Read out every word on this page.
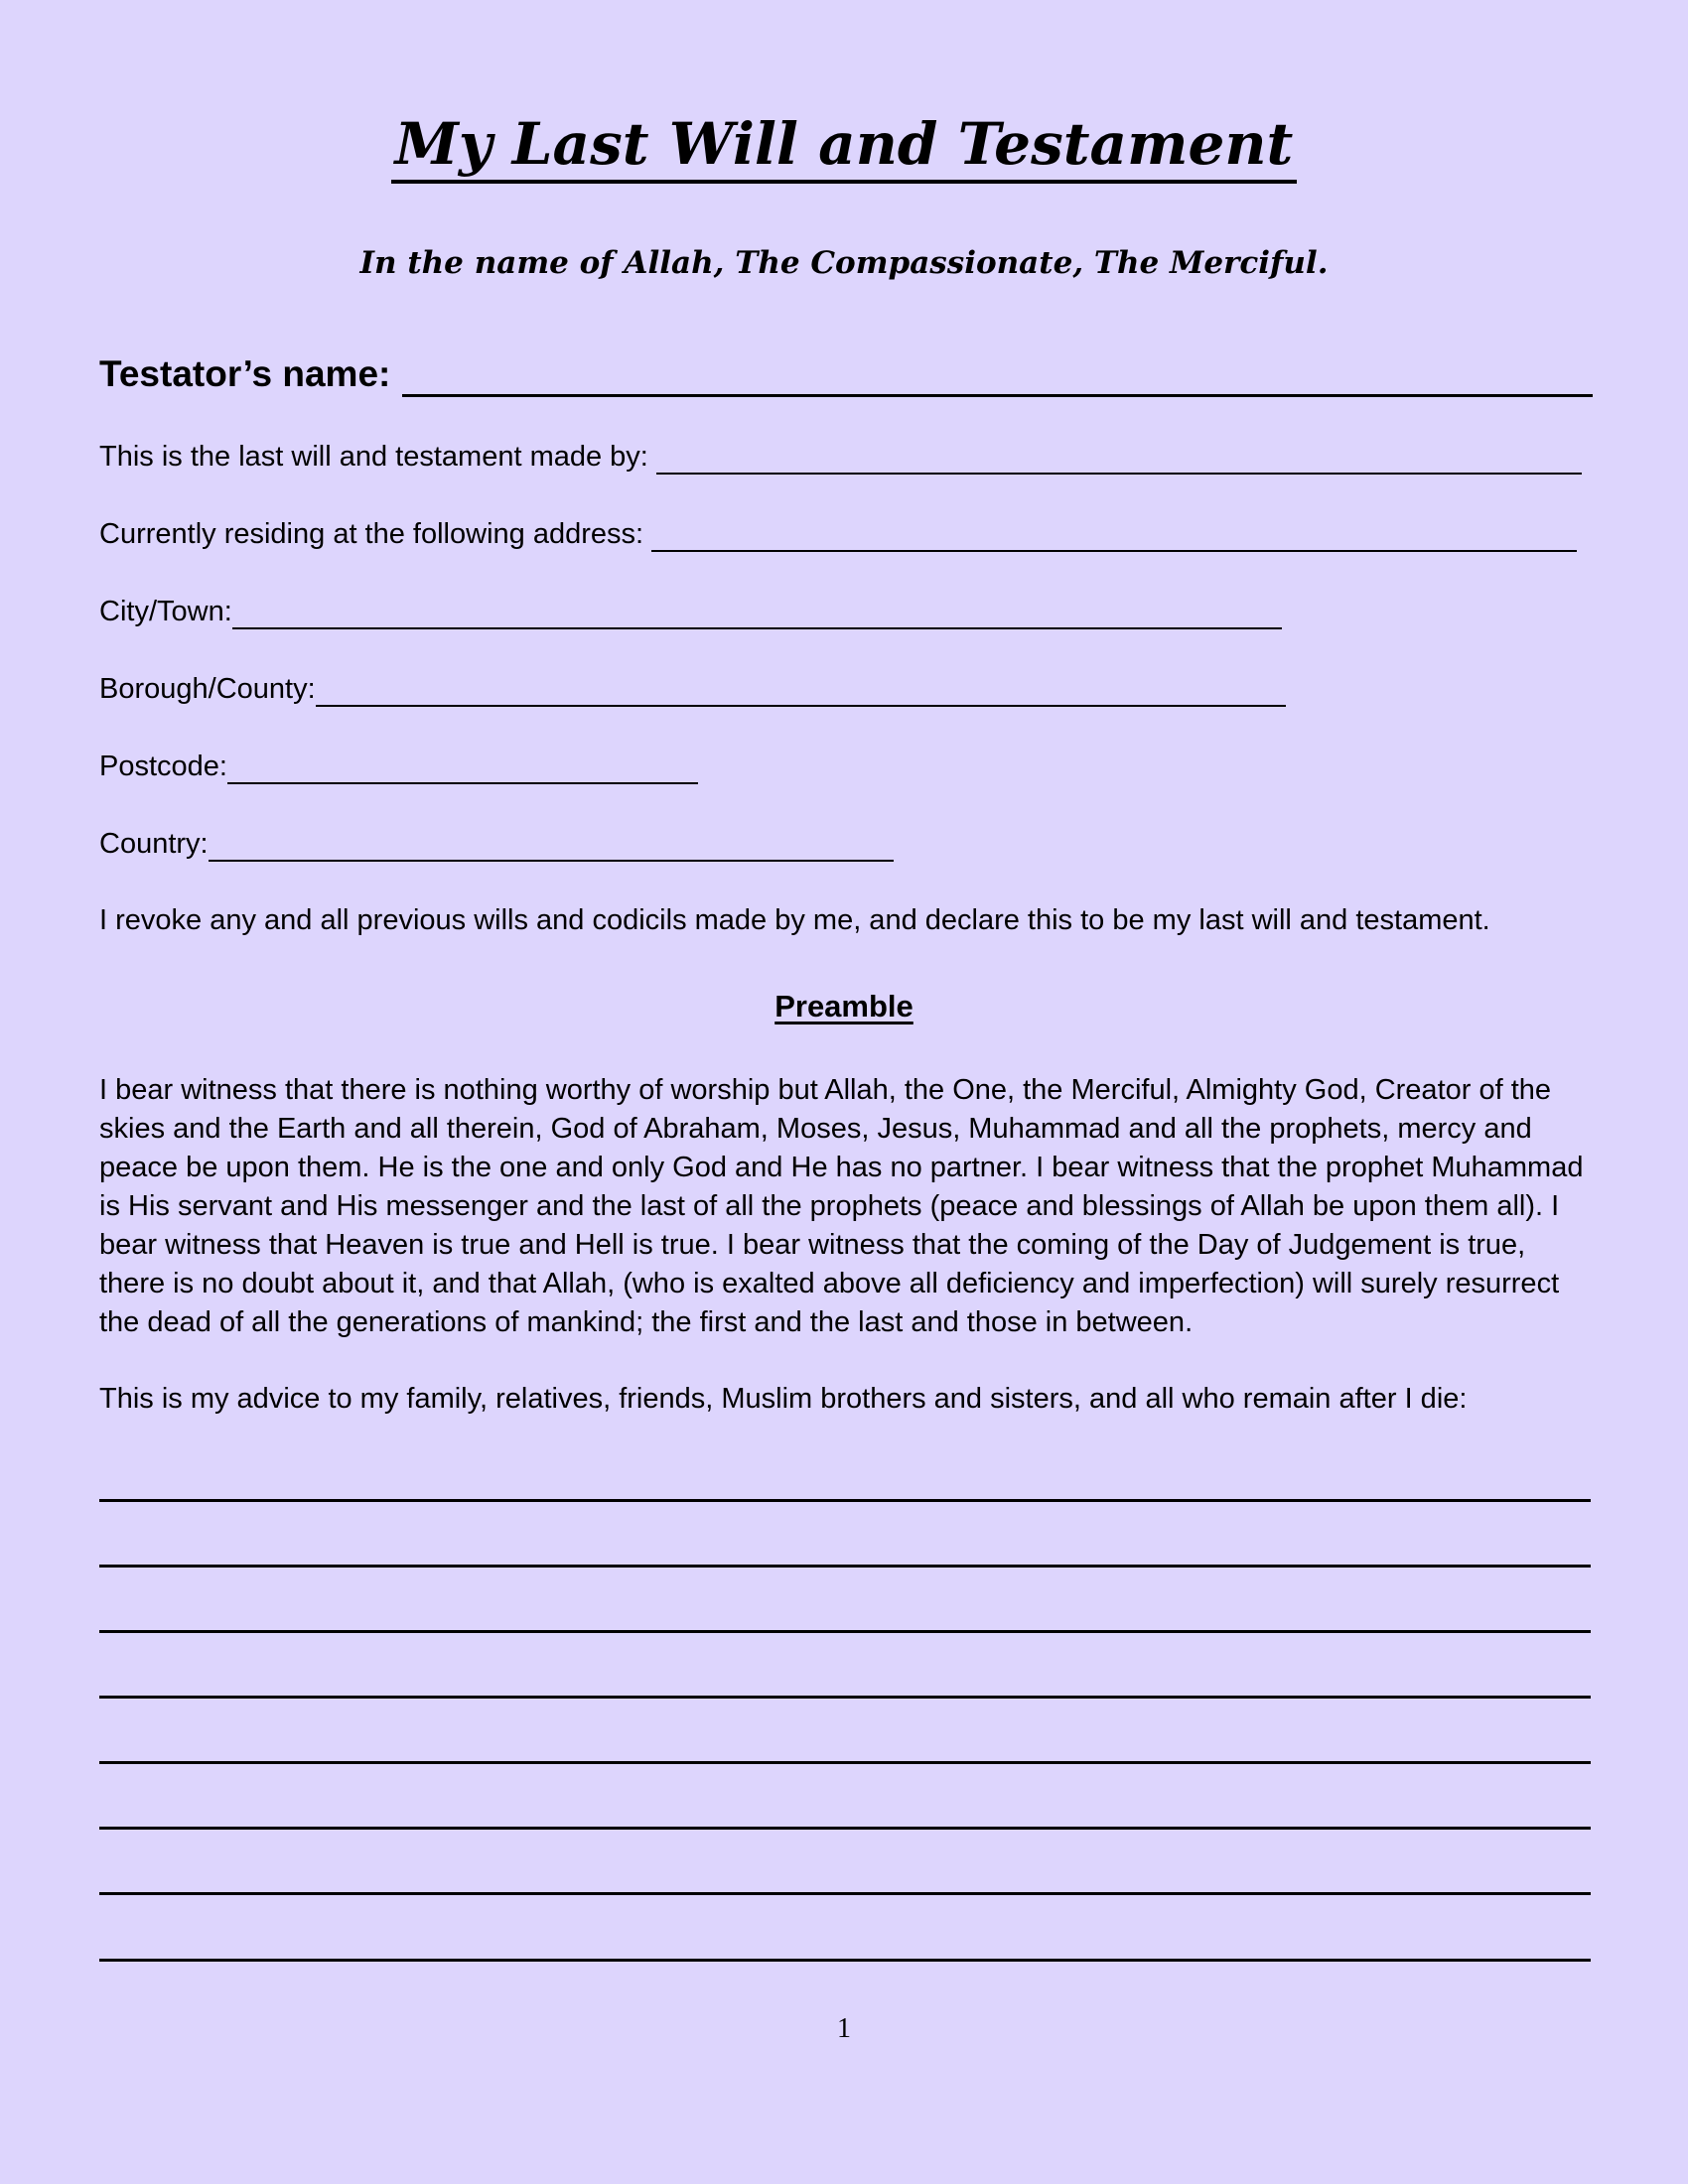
My Last Will and Testament
In the name of Allah, The Compassionate, The Merciful.
Testator’s name:
This is the last will and testament made by:
Currently residing at the following address:
City/Town:
Borough/County:
Postcode:
Country:
I revoke any and all previous wills and codicils made by me, and declare this to be my last will and testament.
Preamble
I bear witness that there is nothing worthy of worship but Allah, the One, the Merciful, Almighty God, Creator of the skies and the Earth and all therein, God of Abraham, Moses, Jesus, Muhammad and all the prophets, mercy and peace be upon them. He is the one and only God and He has no partner. I bear witness that the prophet Muhammad is His servant and His messenger and the last of all the prophets (peace and blessings of Allah be upon them all). I bear witness that Heaven is true and Hell is true. I bear witness that the coming of the Day of Judgement is true, there is no doubt about it, and that Allah, (who is exalted above all deficiency and imperfection) will surely resurrect the dead of all the generations of mankind; the first and the last and those in between.
This is my advice to my family, relatives, friends, Muslim brothers and sisters, and all who remain after I die:
1
